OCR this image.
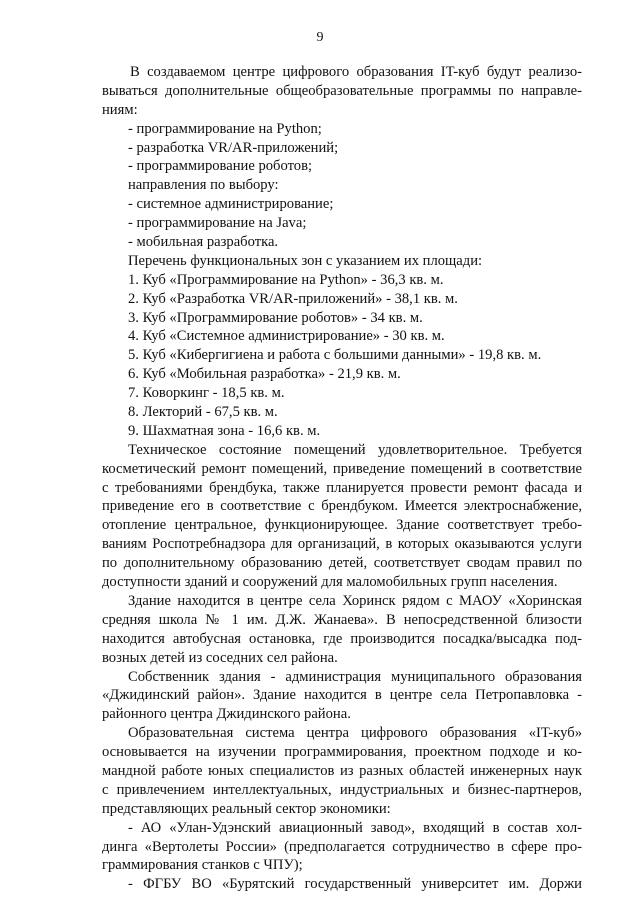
9
В создаваемом центре цифрового образования IT-куб будут реализо-
вываться дополнительные общеобразовательные программы по направле-
ниям:
- программирование на Python;
- разработка VR/AR-приложений;
- программирование роботов;
направления по выбору:
- системное администрирование;
- программирование на Java;
- мобильная разработка.
Перечень функциональных зон с указанием их площади:
1. Куб «Программирование на Python» - 36,3 кв. м.
2. Куб «Разработка VR/AR-приложений» - 38,1 кв. м.
3. Куб «Программирование роботов» - 34 кв. м.
4. Куб «Системное администрирование» - 30 кв. м.
5. Куб «Кибергигиена и работа с большими данными» - 19,8 кв. м.
6. Куб «Мобильная разработка» - 21,9 кв. м.
7. Коворкинг - 18,5 кв. м.
8. Лекторий - 67,5 кв. м.
9. Шахматная зона - 16,6 кв. м.
Техническое состояние помещений удовлетворительное. Требуется
косметический ремонт помещений, приведение помещений в соответствие
с требованиями брендбука, также планируется провести ремонт фасада и
приведение его в соответствие с брендбуком. Имеется электроснабжение,
отопление центральное, функционирующее. Здание соответствует требо-
ваниям Роспотребнадзора для организаций, в которых оказываются услуги
по дополнительному образованию детей, соответствует сводам правил по
доступности зданий и сооружений для маломобильных групп населения.
Здание находится в центре села Хоринск рядом с МАОУ «Хоринская
средняя школа № 1 им. Д.Ж. Жанаева». В непосредственной близости
находится автобусная остановка, где производится посадка/высадка под-
возных детей из соседних сел района.
Собственник здания - администрация муниципального образования
«Джидинский район». Здание находится в центре села Петропавловка -
районного центра Джидинского района.
Образовательная система центра цифрового образования «IT-куб»
основывается на изучении программирования, проектном подходе и ко-
мандной работе юных специалистов из разных областей инженерных наук
с привлечением интеллектуальных, индустриальных и бизнес-партнеров,
представляющих реальный сектор экономики:
- АО «Улан-Удэнский авиационный завод», входящий в состав хол-
динга «Вертолеты России» (предполагается сотрудничество в сфере про-
граммирования станков с ЧПУ);
- ФГБУ ВО «Бурятский государственный университет им. Доржи
